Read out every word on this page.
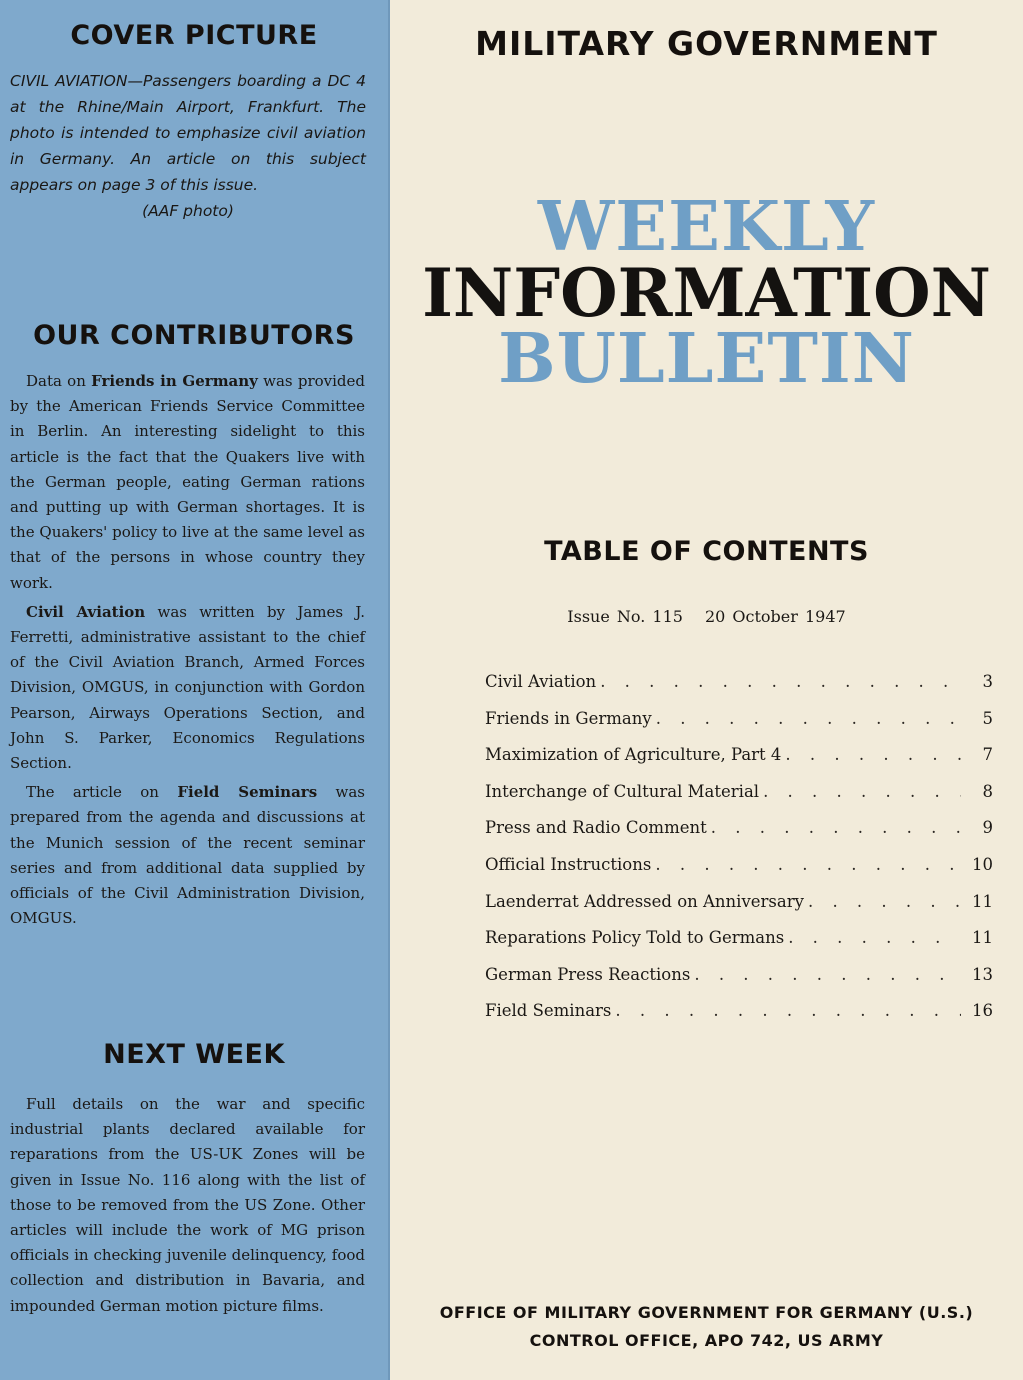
COVER PICTURE
CIVIL AVIATION—Passengers boarding a DC 4 at the Rhine/Main Airport, Frankfurt. The photo is intended to emphasize civil aviation in Germany. An article on this subject appears on page 3 of this issue.
(AAF photo)
OUR CONTRIBUTORS

Data on Friends in Germany was provided by the American Friends Service Committee in Berlin. An interesting sidelight to this article is the fact that the Quakers live with the German people, eating German rations and putting up with German shortages. It is the Quakers' policy to live at the same level as that of the persons in whose country they work.

Civil Aviation was written by James J. Ferretti, administrative assistant to the chief of the Civil Aviation Branch, Armed Forces Division, OMGUS, in conjunction with Gordon Pearson, Airways Operations Section, and John S. Parker, Economics Regulations Section.

The article on Field Seminars was prepared from the agenda and discussions at the Munich session of the recent seminar series and from additional data supplied by officials of the Civil Administration Division, OMGUS.

NEXT WEEK

Full details on the war and specific industrial plants declared available for reparations from the US-UK Zones will be given in Issue No. 116 along with the list of those to be removed from the US Zone. Other articles will include the work of MG prison officials in checking juvenile delinquency, food collection and distribution in Bavaria, and impounded German motion picture films.

MILITARY GOVERNMENT
WEEKLY
INFORMATION
BULLETIN
TABLE OF CONTENTS
Issue No. 115 20 October 1947
Civil Aviation . . .	3
Friends in Germany . . .	5
Maximization of Agriculture, Part 4 . . .	7
Interchange of Cultural Material . . .	8
Press and Radio Comment . . .	9
Official Instructions . . .	10
Laenderrat Addressed on Anniversary . . .	11
Reparations Policy Told to Germans . . .	11
German Press Reactions . . .	13
Field Seminars . . .	16
OFFICE OF MILITARY GOVERNMENT FOR GERMANY (U.S.)
CONTROL OFFICE, APO 742, US ARMY
